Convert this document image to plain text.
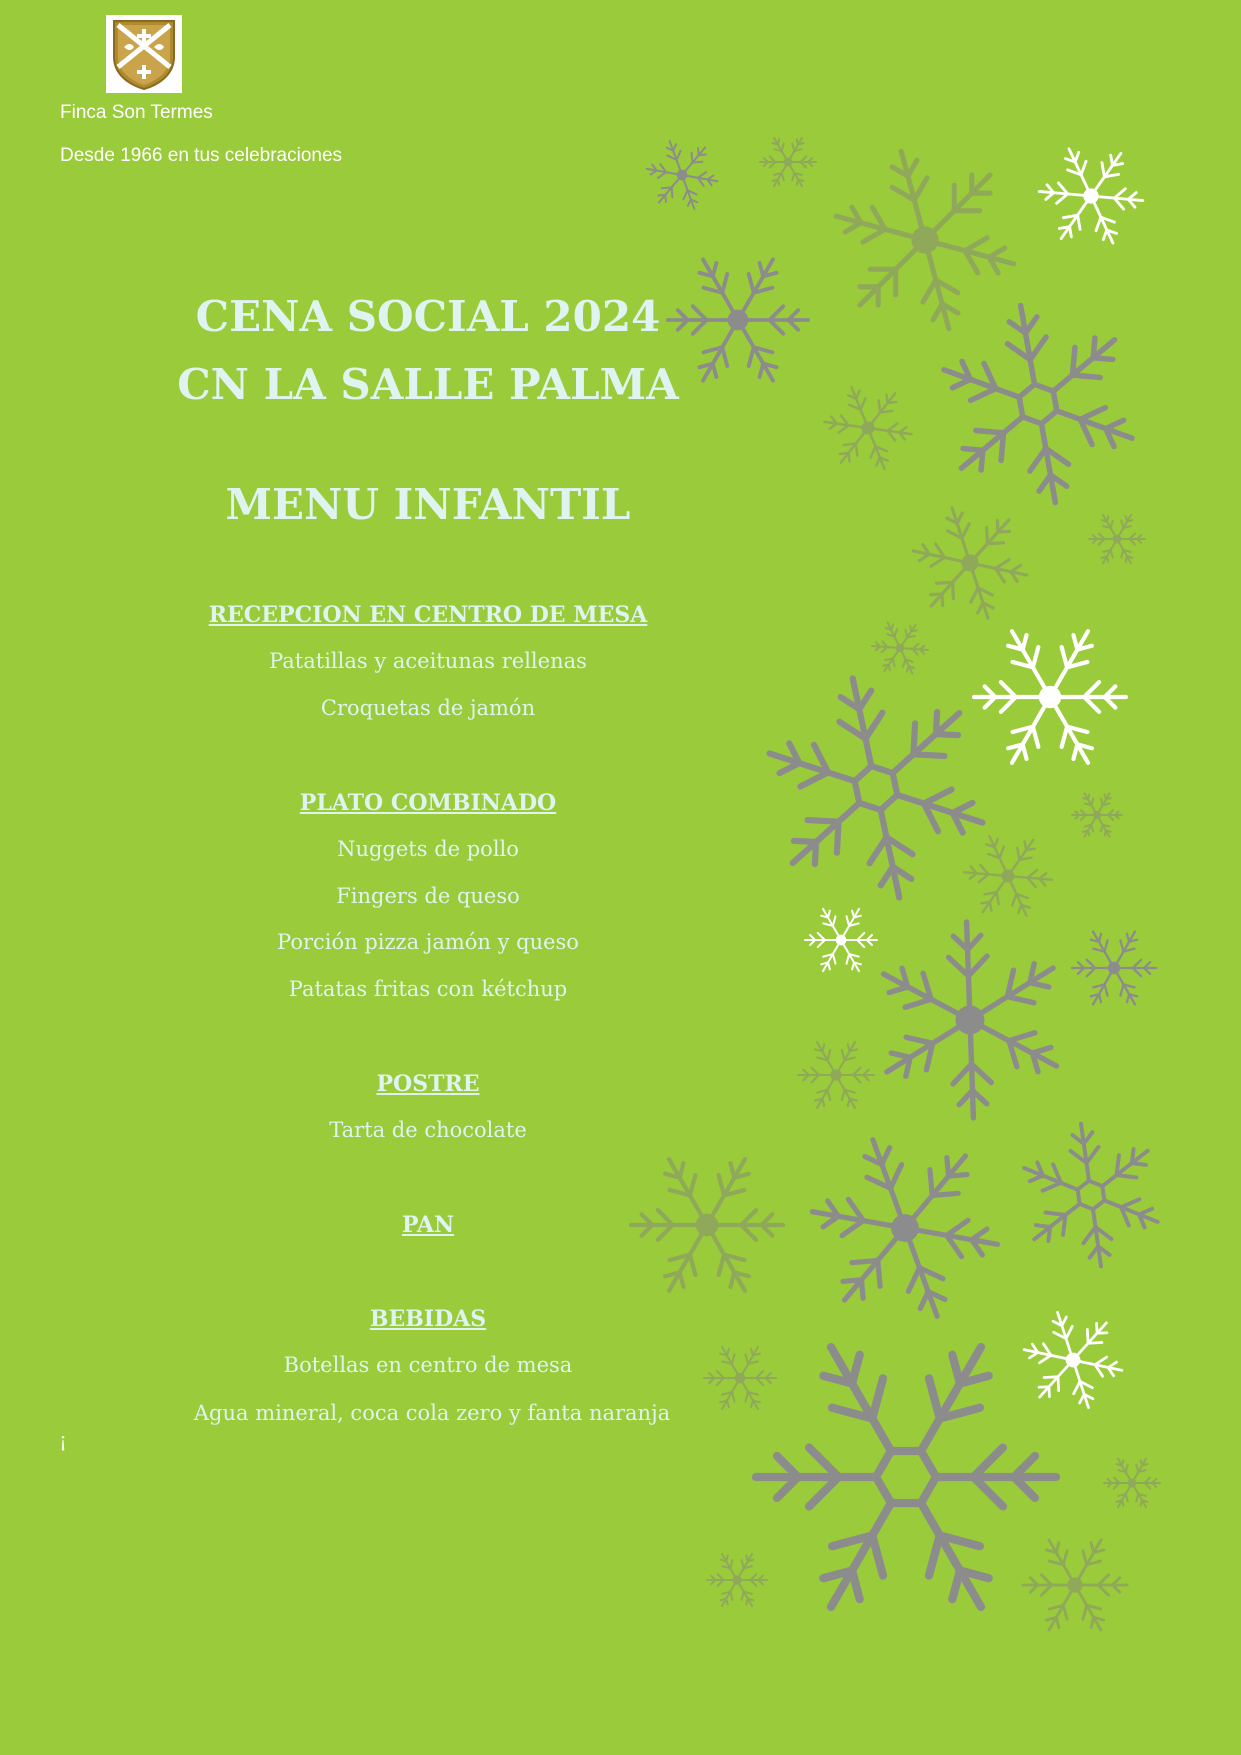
Finca Son Termes
Desde 1966 en tus celebraciones
CENA SOCIAL 2024
CN LA SALLE PALMA
MENU INFANTIL
RECEPCION EN CENTRO DE MESA
Patatillas y aceitunas rellenas
Croquetas de jamón
PLATO COMBINADO
Nuggets de pollo
Fingers de queso
Porción pizza jamón y queso
Patatas fritas con kétchup
POSTRE
Tarta de chocolate
PAN
BEBIDAS
Botellas en centro de mesa
Agua mineral, coca cola zero y fanta naranja
¡
